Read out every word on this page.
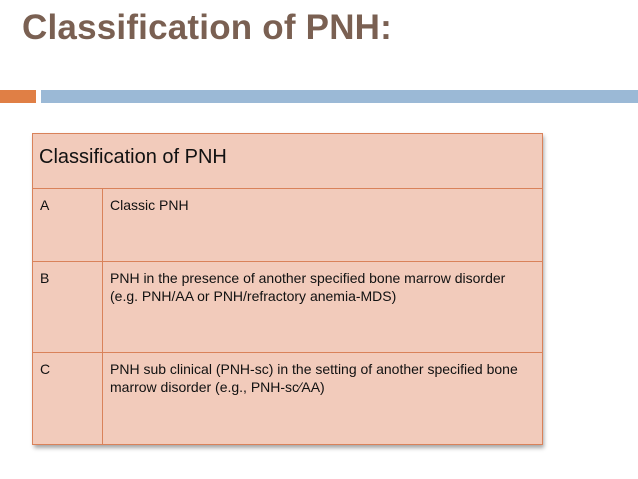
Classification of PNH:
Classification of PNH	
A	Classic PNH
B	PNH in the presence of another specified bone marrow disorder (e.g. PNH/AA or PNH/refractory anemia-MDS)
C	PNH sub clinical (PNH-sc) in the setting of another specified bone marrow disorder (e.g., PNH-sc∕AA)
